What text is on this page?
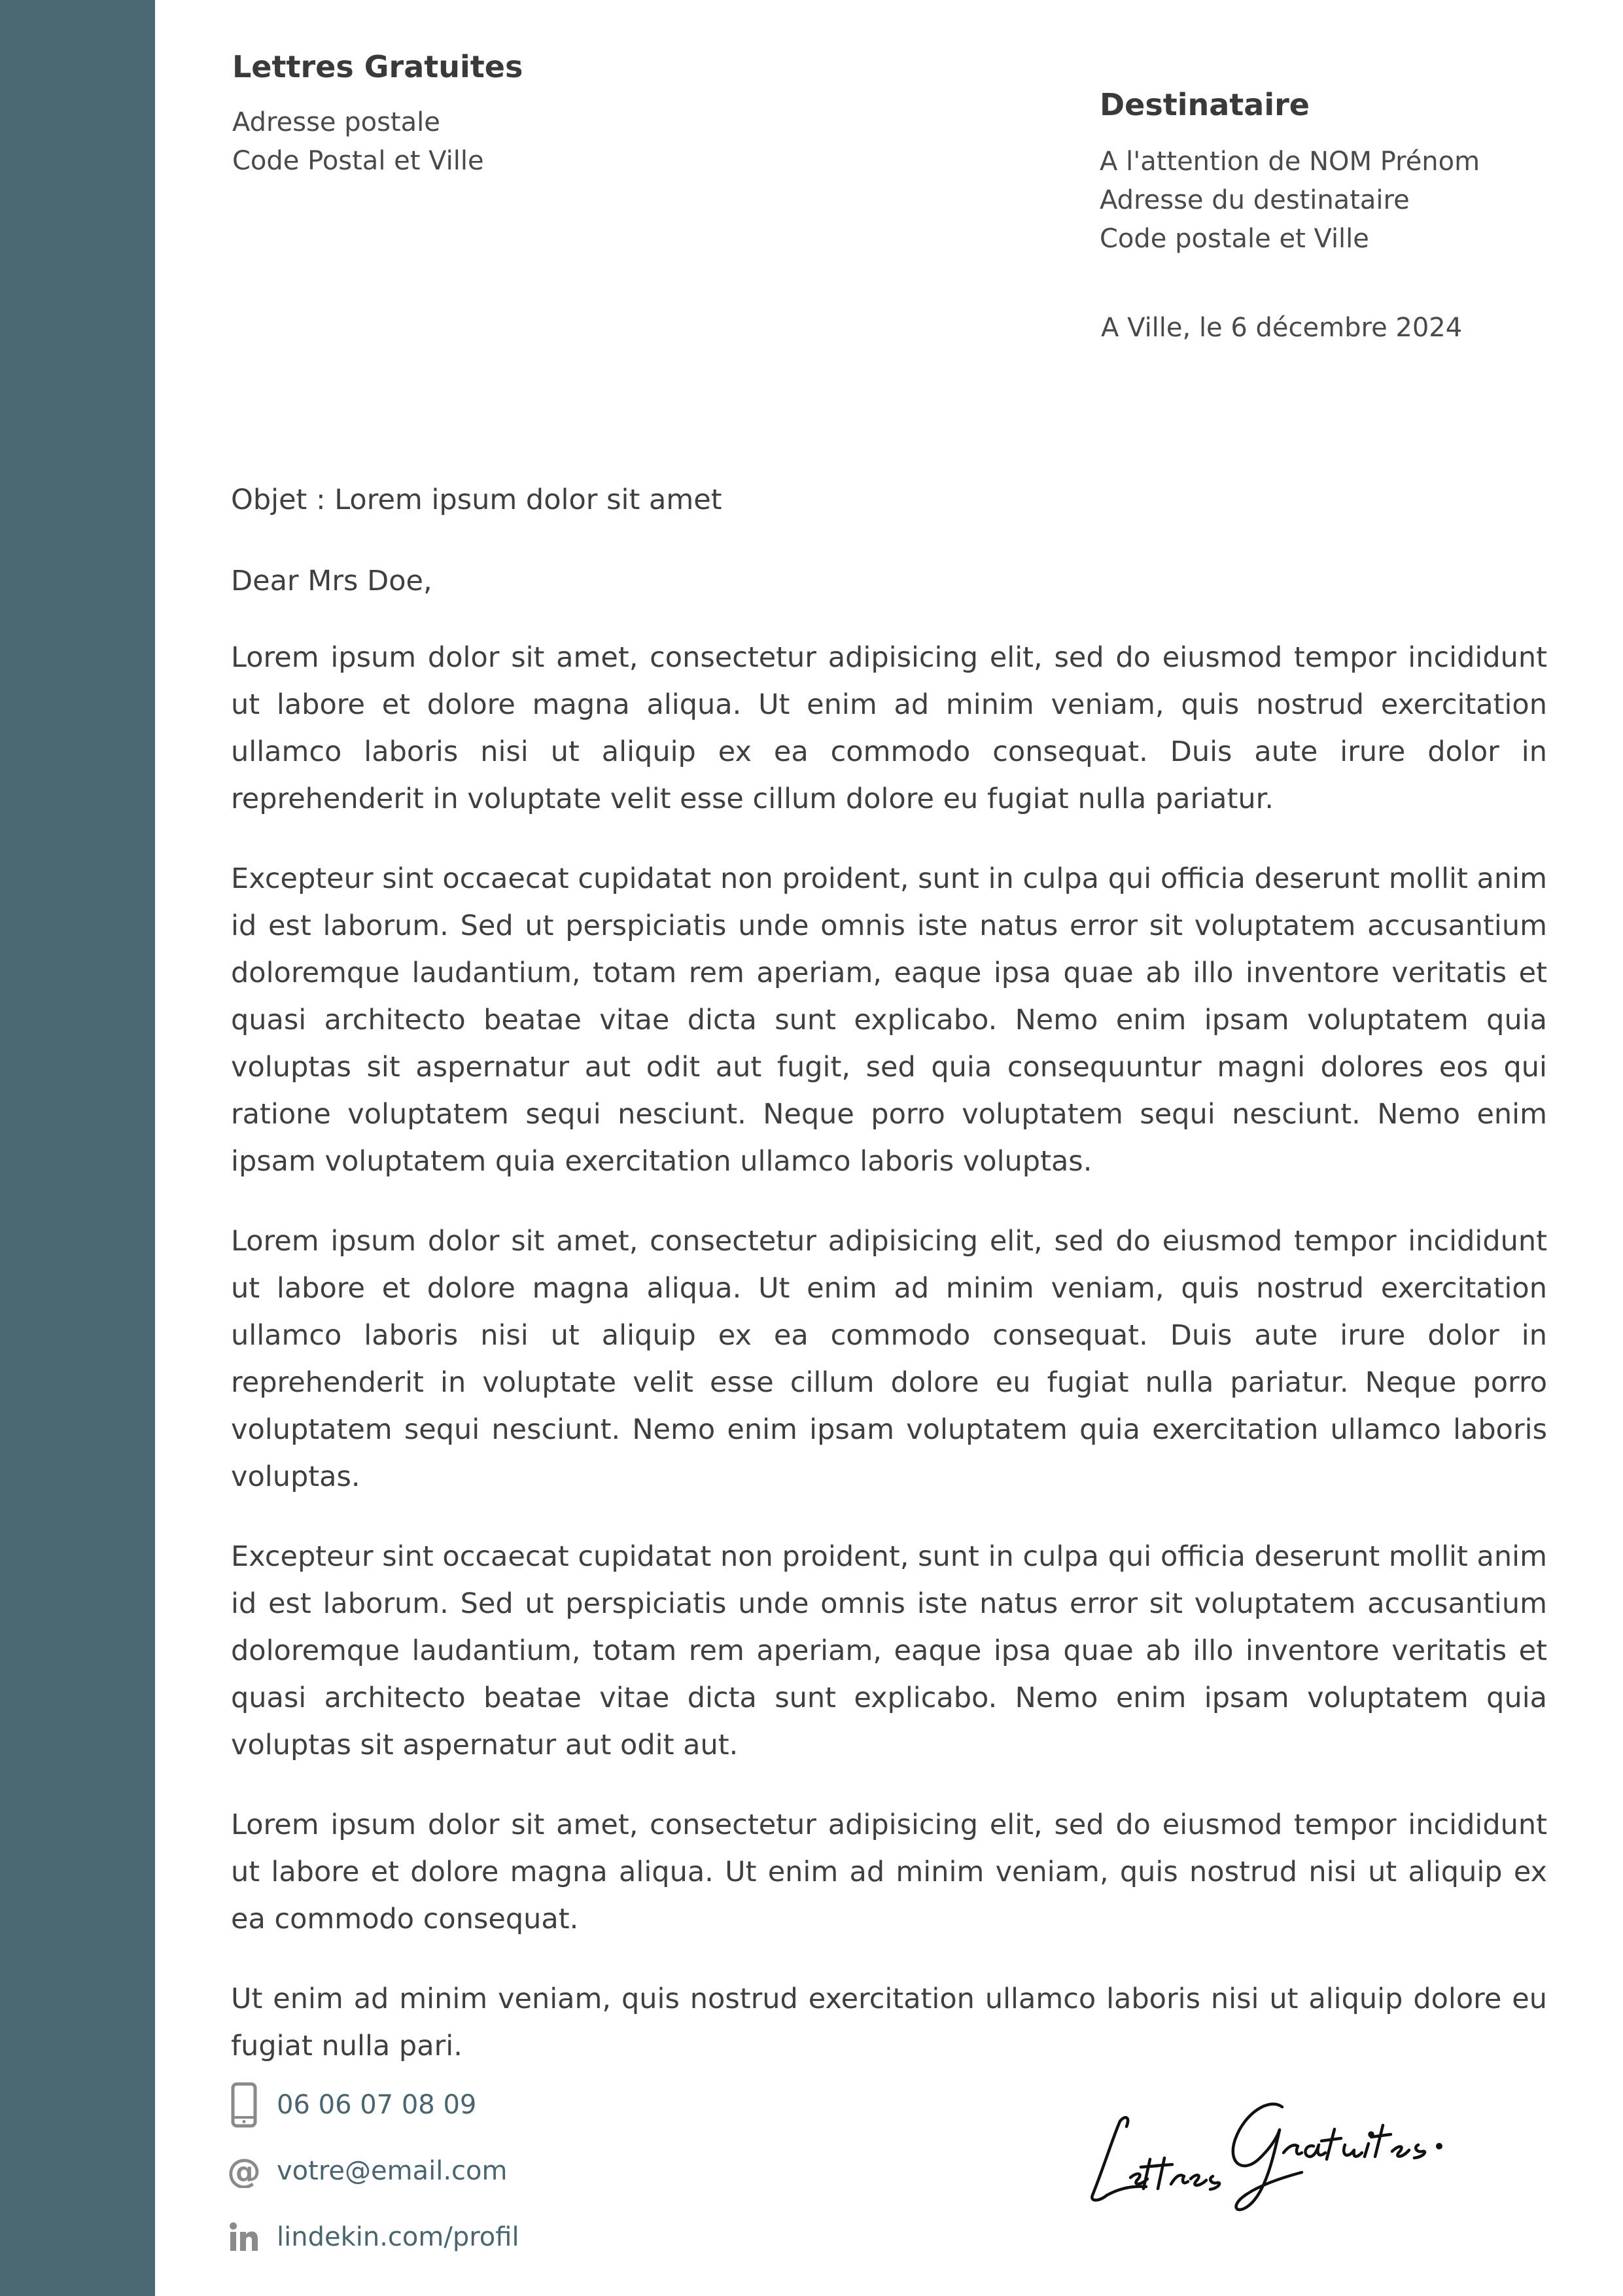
Lettres Gratuites
Adresse postale
Code Postal et Ville
Destinataire
A l'attention de NOM Prénom
Adresse du destinataire
Code postale et Ville
A Ville, le 6 décembre 2024
Objet : Lorem ipsum dolor sit amet
Dear Mrs Doe,

Lorem ipsum dolor sit amet, consectetur adipisicing elit, sed do eiusmod tempor incididunt ut labore et dolore magna aliqua. Ut enim ad minim veniam, quis nostrud exercitation ullamco laboris nisi ut aliquip ex ea commodo consequat. Duis aute irure dolor in reprehenderit in voluptate velit esse cillum dolore eu fugiat nulla pariatur.

Excepteur sint occaecat cupidatat non proident, sunt in culpa qui officia deserunt mollit anim id est laborum. Sed ut perspiciatis unde omnis iste natus error sit voluptatem accusantium doloremque laudantium, totam rem aperiam, eaque ipsa quae ab illo inventore veritatis et quasi architecto beatae vitae dicta sunt explicabo. Nemo enim ipsam voluptatem quia voluptas sit aspernatur aut odit aut fugit, sed quia consequuntur magni dolores eos qui ratione voluptatem sequi nesciunt. Neque porro voluptatem sequi nesciunt. Nemo enim ipsam voluptatem quia exercitation ullamco laboris voluptas.

Lorem ipsum dolor sit amet, consectetur adipisicing elit, sed do eiusmod tempor incididunt ut labore et dolore magna aliqua. Ut enim ad minim veniam, quis nostrud exercitation ullamco laboris nisi ut aliquip ex ea commodo consequat. Duis aute irure dolor in reprehenderit in voluptate velit esse cillum dolore eu fugiat nulla pariatur. Neque porro voluptatem sequi nesciunt. Nemo enim ipsam voluptatem quia exercitation ullamco laboris voluptas.

Excepteur sint occaecat cupidatat non proident, sunt in culpa qui officia deserunt mollit anim id est laborum. Sed ut perspiciatis unde omnis iste natus error sit voluptatem accusantium doloremque laudantium, totam rem aperiam, eaque ipsa quae ab illo inventore veritatis et quasi architecto beatae vitae dicta sunt explicabo. Nemo enim ipsam voluptatem quia voluptas sit aspernatur aut odit aut.

Lorem ipsum dolor sit amet, consectetur adipisicing elit, sed do eiusmod tempor incididunt ut labore et dolore magna aliqua. Ut enim ad minim veniam, quis nostrud nisi ut aliquip ex ea commodo consequat.

Ut enim ad minim veniam, quis nostrud exercitation ullamco laboris nisi ut aliquip dolore eu fugiat nulla pari.

06 06 07 08 09
@ votre@email.com
lindekin.com/profil
